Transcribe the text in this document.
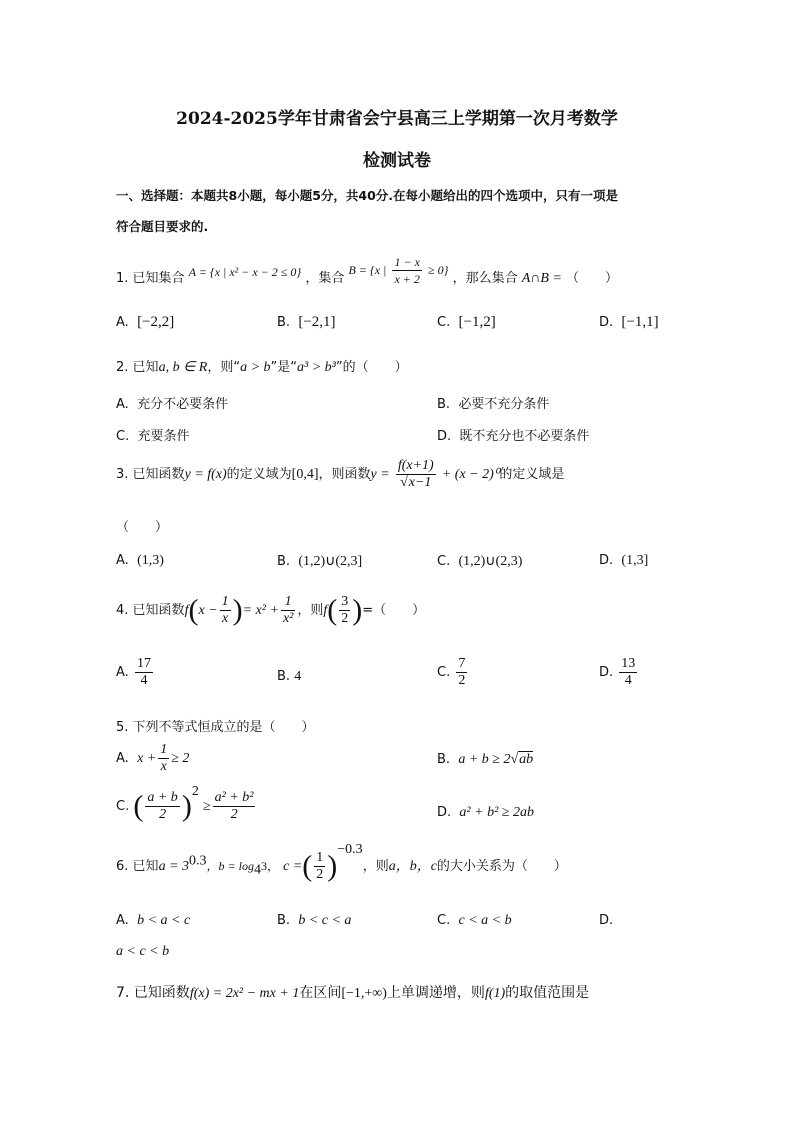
2024-2025学年甘肃省会宁县高三上学期第一次月考数学
检测试卷
一、选择题：本题共8小题，每小题5分，共40分.在每小题给出的四个选项中，只有一项是
符合题目要求的.
1. 已知集合 A = {x | x² − x − 2 ≤ 0} ，集合 B = {x | $\frac{1 - x}{x + 2} \ge 0$} ，那么集合 A∩B = （　　）
A. [−2,2]	B. [−2,1]	C. [−1,2]	D. [−1,1]
2. 已知a, b ∈ R，则“a > b”是“a³ > b³”的（　　）
A. 充分不必要条件	B. 必要不充分条件
C. 充要条件	D. 既不充分也不必要条件
3. 已知函数y = f(x)的定义域为[0,4]，则函数$y = \frac{f(x+1)}{√x-1} + (x - 2)^0$的定义域是
（　　）
A. (1,3)	B. (1,2)∪(2,3]	C. (1,2)∪(2,3)	D. (1,3]
4. 已知函数$f(x - \frac{1}{x}$ )= $x^2 + \frac{1}{\text{x²}}$ ，则$f( \frac{3}{2}$ )=（　　）
A. $\frac{17}{4}$	B. 4	C. $\frac{7}{2}$	D. $\frac{13}{4}$
5. 下列不等式恒成立的是（　　）
A. $x + \frac{1}{x} \ge 2$	B. a + b ≥ 2√ab
C. ( $\frac{a + b}{2} )^2 \ge \frac{\text{a² + b²}}{2}$	D. a² + b² ≥ 2ab
6. 已知$a = 3^{0.3}$，$b = \log_43$， c =( $\frac{1}{2} )^{-0.3}$，则a，b，c的大小关系为（　　）
A. b < a < c	B. b < c < a	C. c < a < b	D.
a < c < b
7. 已知函数f(x) = 2x² − mx + 1在区间[−1,+∞)上单调递增，则f(1)的取值范围是
